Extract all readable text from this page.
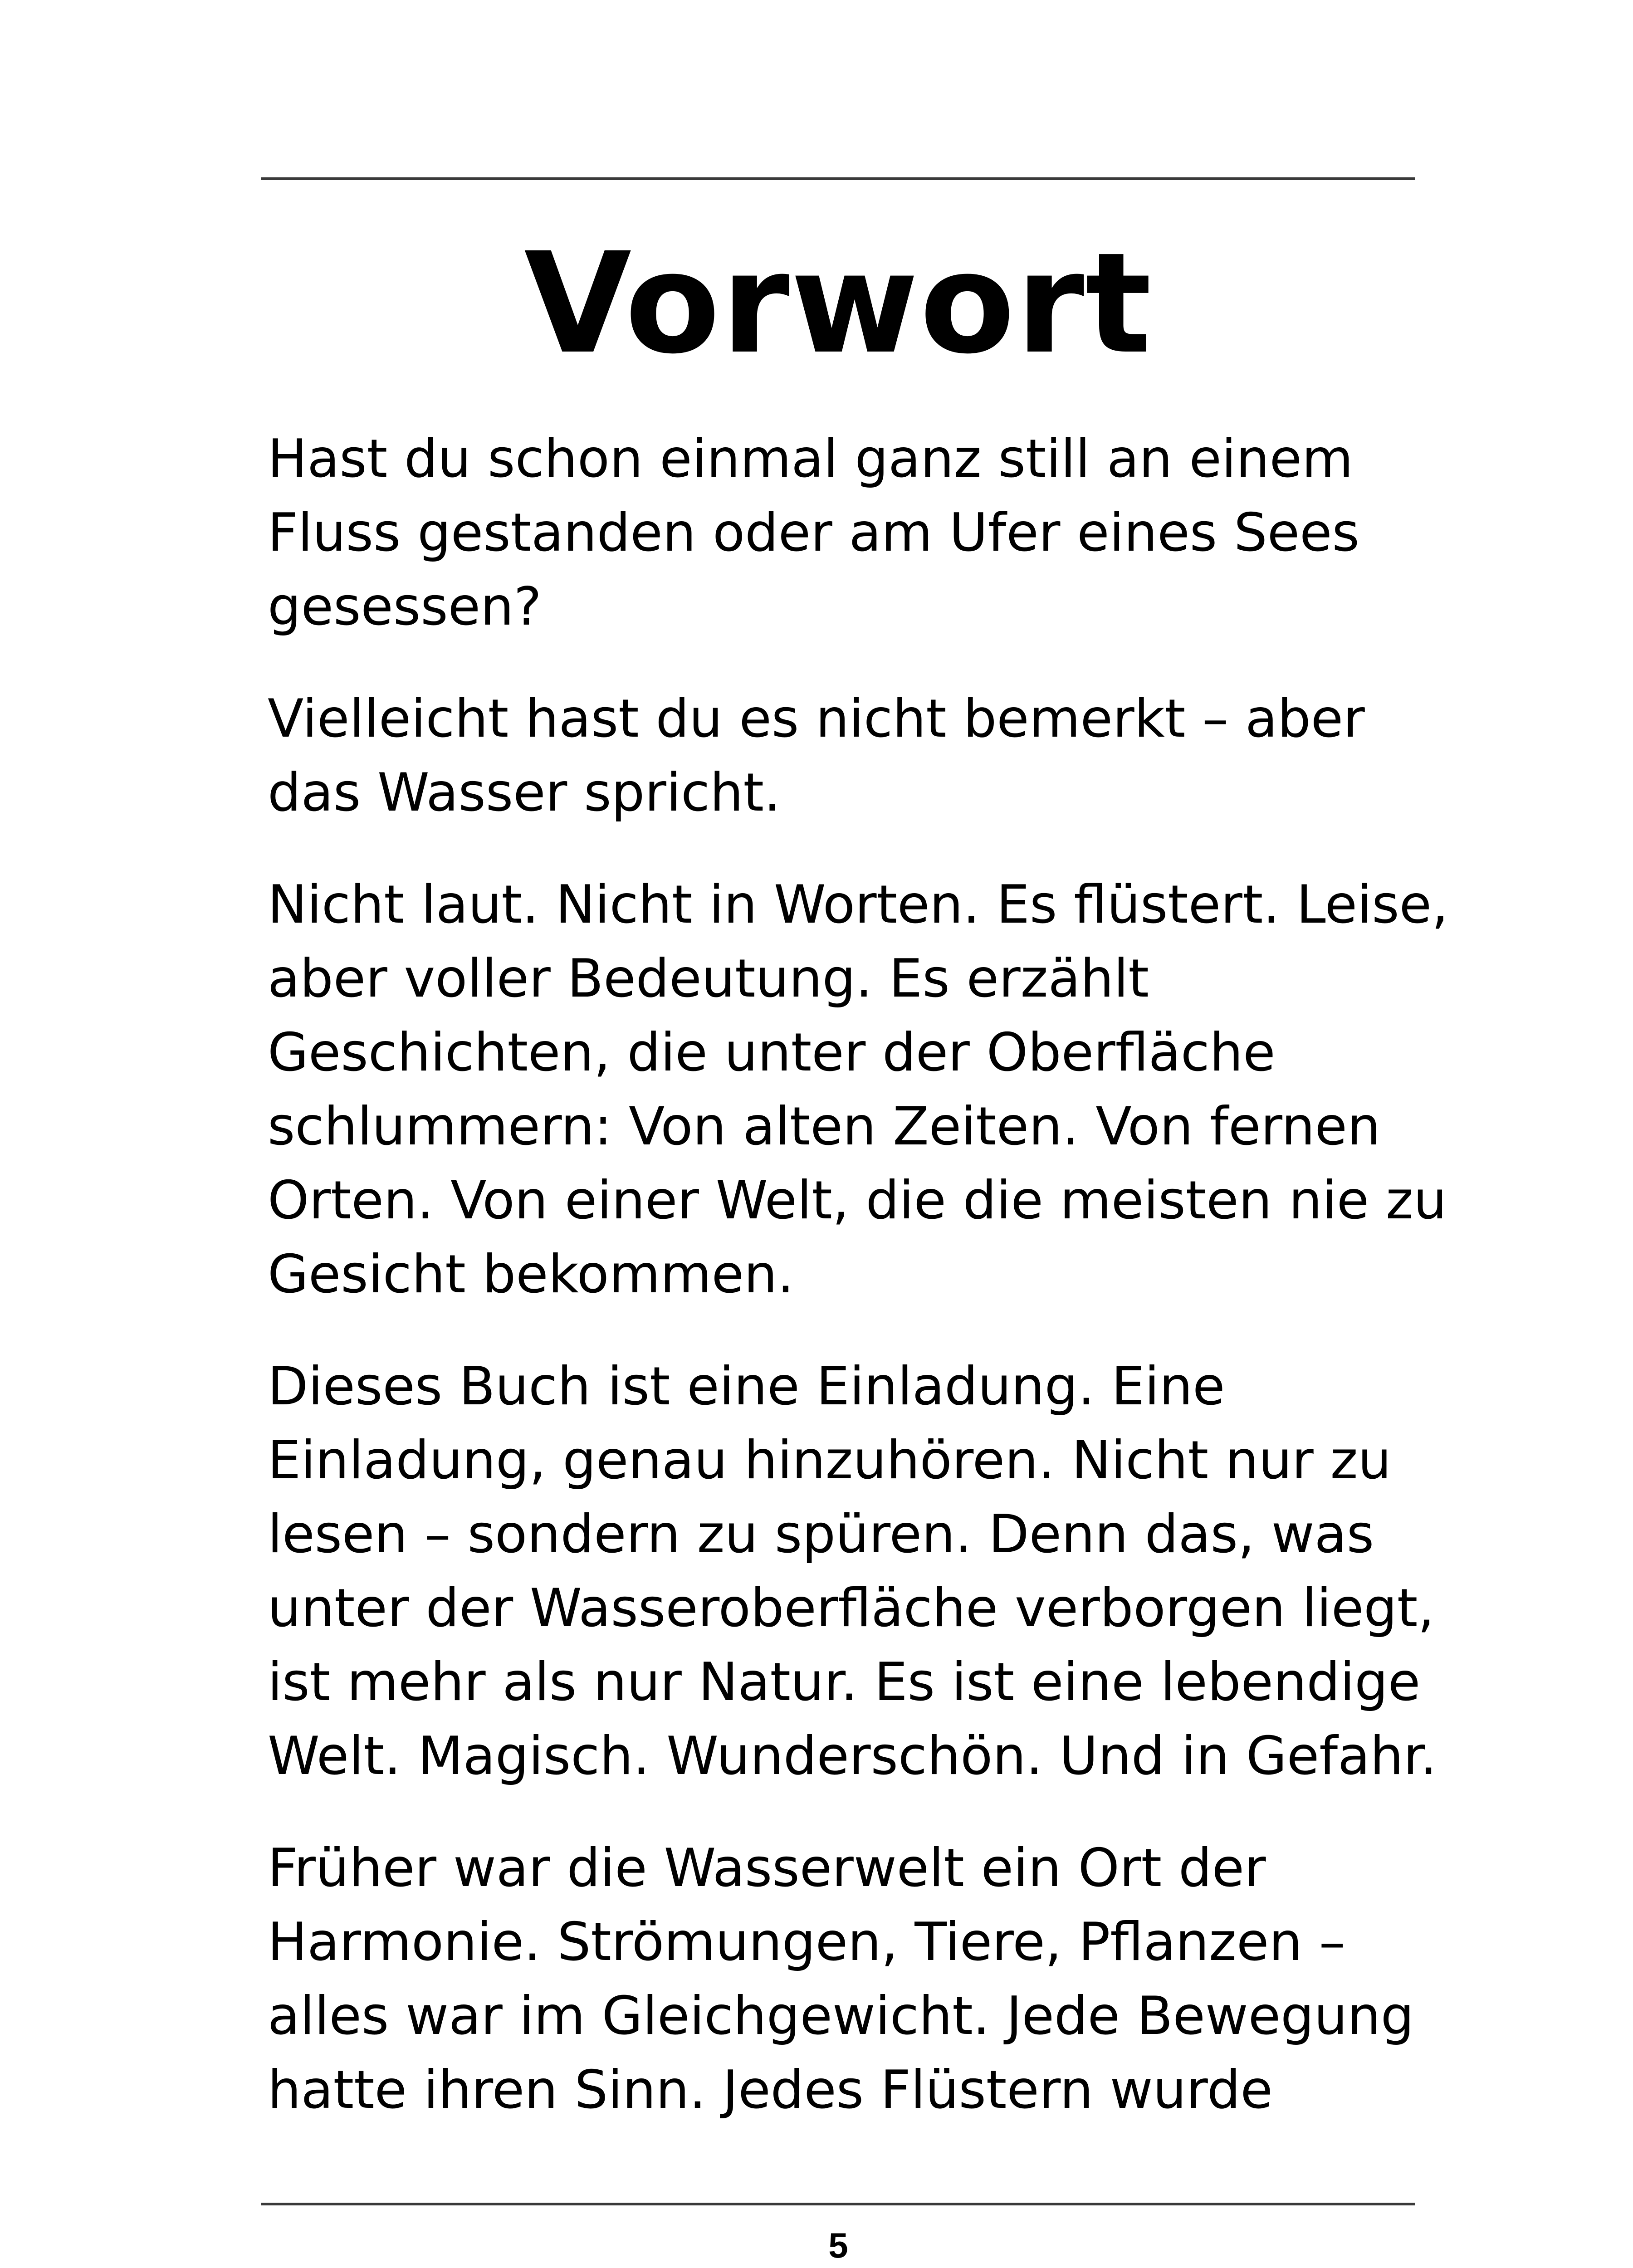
Vorwort

Hast du schon einmal ganz still an einem
Fluss gestanden oder am Ufer eines Sees
gesessen?

Vielleicht hast du es nicht bemerkt – aber
das Wasser spricht.

Nicht laut. Nicht in Worten. Es flüstert. Leise,
aber voller Bedeutung. Es erzählt
Geschichten, die unter der Oberfläche
schlummern: Von alten Zeiten. Von fernen
Orten. Von einer Welt, die die meisten nie zu
Gesicht bekommen.

Dieses Buch ist eine Einladung. Eine
Einladung, genau hinzuhören. Nicht nur zu
lesen – sondern zu spüren. Denn das, was
unter der Wasseroberfläche verborgen liegt,
ist mehr als nur Natur. Es ist eine lebendige
Welt. Magisch. Wunderschön. Und in Gefahr.

Früher war die Wasserwelt ein Ort der
Harmonie. Strömungen, Tiere, Pflanzen –
alles war im Gleichgewicht. Jede Bewegung
hatte ihren Sinn. Jedes Flüstern wurde

5
